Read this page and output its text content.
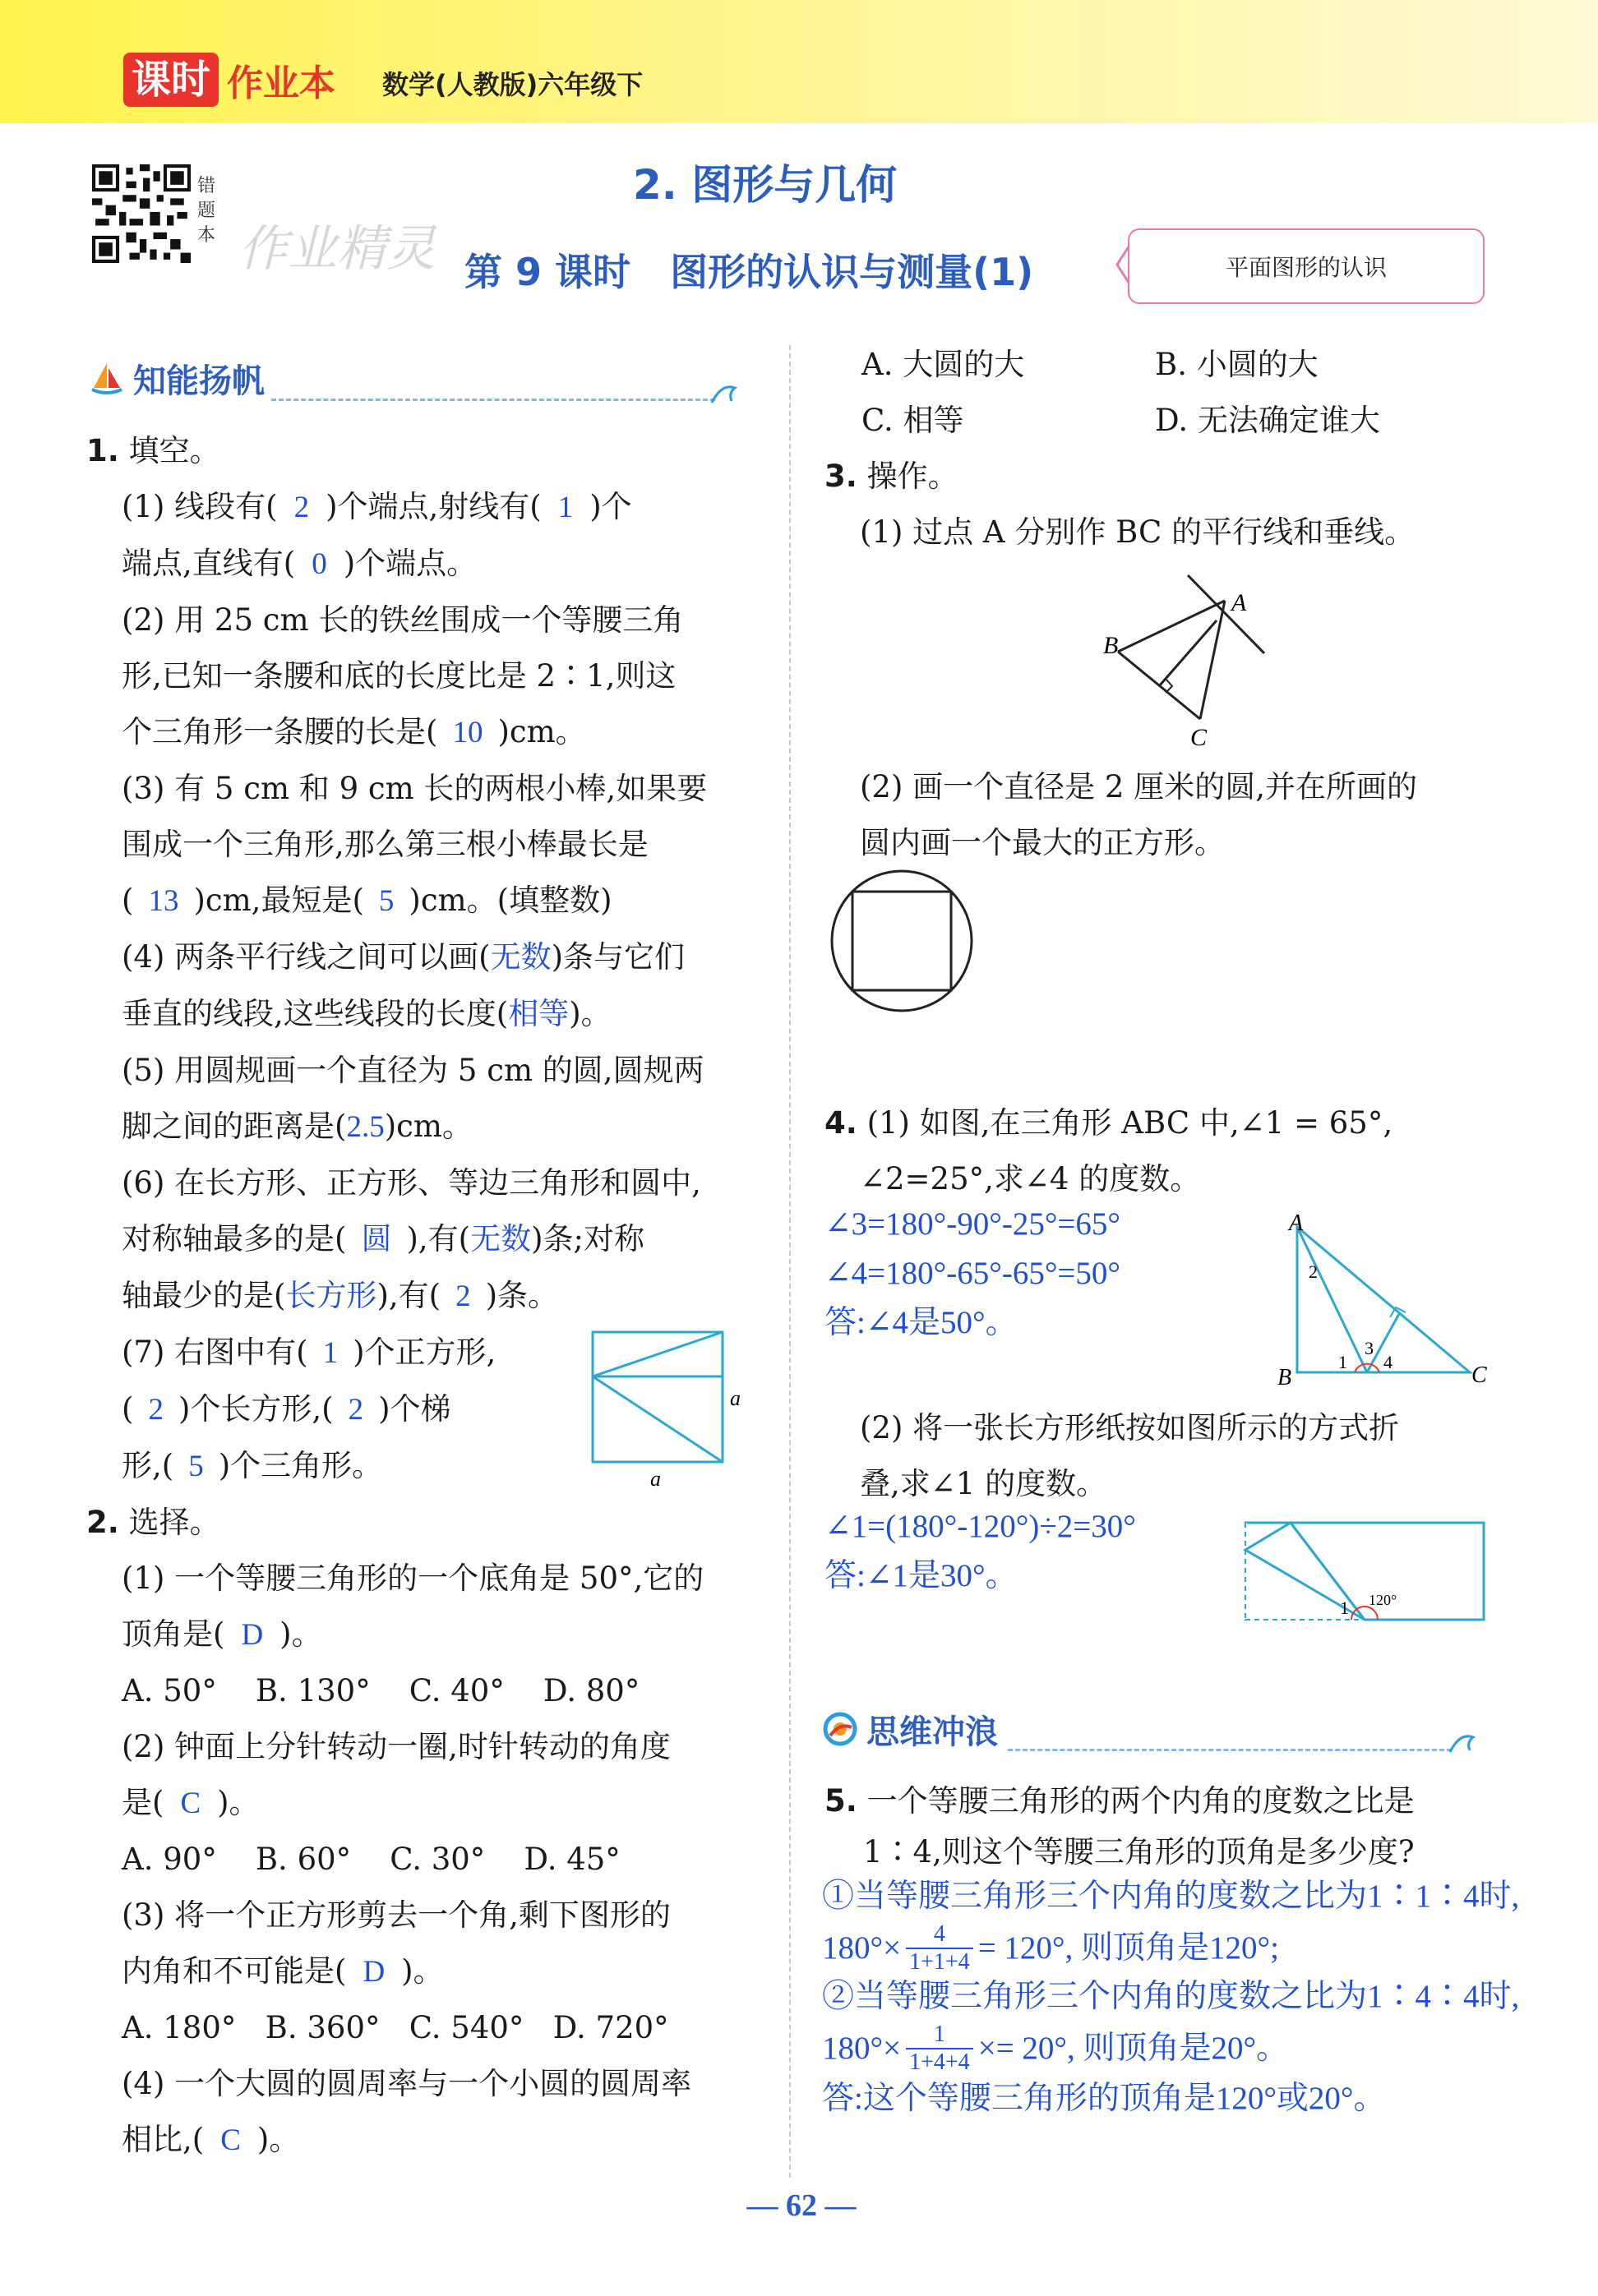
课时 作业本 数学(人教版)六年级下
错题本 作业精灵
2. 图形与几何
第 9 课时   图形的认识与测量(1)	平面图形的认识
知能扬帆
1. 填空。
(1) 线段有( 2 )个端点,射线有( 1 )个
端点,直线有( 0 )个端点。
(2) 用 25 cm 长的铁丝围成一个等腰三角
形,已知一条腰和底的长度比是 2∶1,则这
个三角形一条腰的长是( 10 )cm。
(3) 有 5 cm 和 9 cm 长的两根小棒,如果要
围成一个三角形,那么第三根小棒最长是
( 13 )cm,最短是( 5 )cm。(填整数)
(4) 两条平行线之间可以画(无数)条与它们
垂直的线段,这些线段的长度(相等)。
(5) 用圆规画一个直径为 5 cm 的圆,圆规两
脚之间的距离是(2.5)cm。
(6) 在长方形、正方形、等边三角形和圆中,
对称轴最多的是( 圆 ),有(无数)条;对称
轴最少的是(长方形),有( 2 )条。
(7) 右图中有( 1 )个正方形,
( 2 )个长方形,( 2 )个梯
形,( 5 )个三角形。
a
a
2. 选择。
(1) 一个等腰三角形的一个底角是 50°,它的
顶角是( D )。
A. 50°    B. 130°    C. 40°    D. 80°
(2) 钟面上分针转动一圈,时针转动的角度
是( C )。
A. 90°    B. 60°    C. 30°    D. 45°
(3) 将一个正方形剪去一个角,剩下图形的
内角和不可能是( D )。
A. 180°   B. 360°   C. 540°   D. 720°
(4) 一个大圆的圆周率与一个小圆的圆周率
相比,( C )。
A. 大圆的大	B. 小圆的大
C. 相等	D. 无法确定谁大
3. 操作。
(1) 过点 A 分别作 BC 的平行线和垂线。
A
B
C
(2) 画一个直径是 2 厘米的圆,并在所画的
圆内画一个最大的正方形。
4. (1) 如图,在三角形 ABC 中,∠1 = 65°,
∠2=25°,求∠4 的度数。
∠3=180°-90°-25°=65°
∠4=180°-65°-65°=50°
答:∠4是50°。
A
B	C
1
2
3
4
(2) 将一张长方形纸按如图所示的方式折
叠,求∠1 的度数。
∠1=(180°-120°)÷2=30°
答:∠1是30°。
1 120°
思维冲浪
5. 一个等腰三角形的两个内角的度数之比是
1∶4,则这个等腰三角形的顶角是多少度?
①当等腰三角形三个内角的度数之比为1∶1∶4时,
$180^\circ\times \frac{4}{1+1+4} = 120^\circ$, 则顶角是120°;
②当等腰三角形三个内角的度数之比为1∶4∶4时,
$180^\circ\times \frac{1}{1+4+4} \times= 20^\circ$, 则顶角是20°。
答:这个等腰三角形的顶角是120°或20°。
— 62 —
